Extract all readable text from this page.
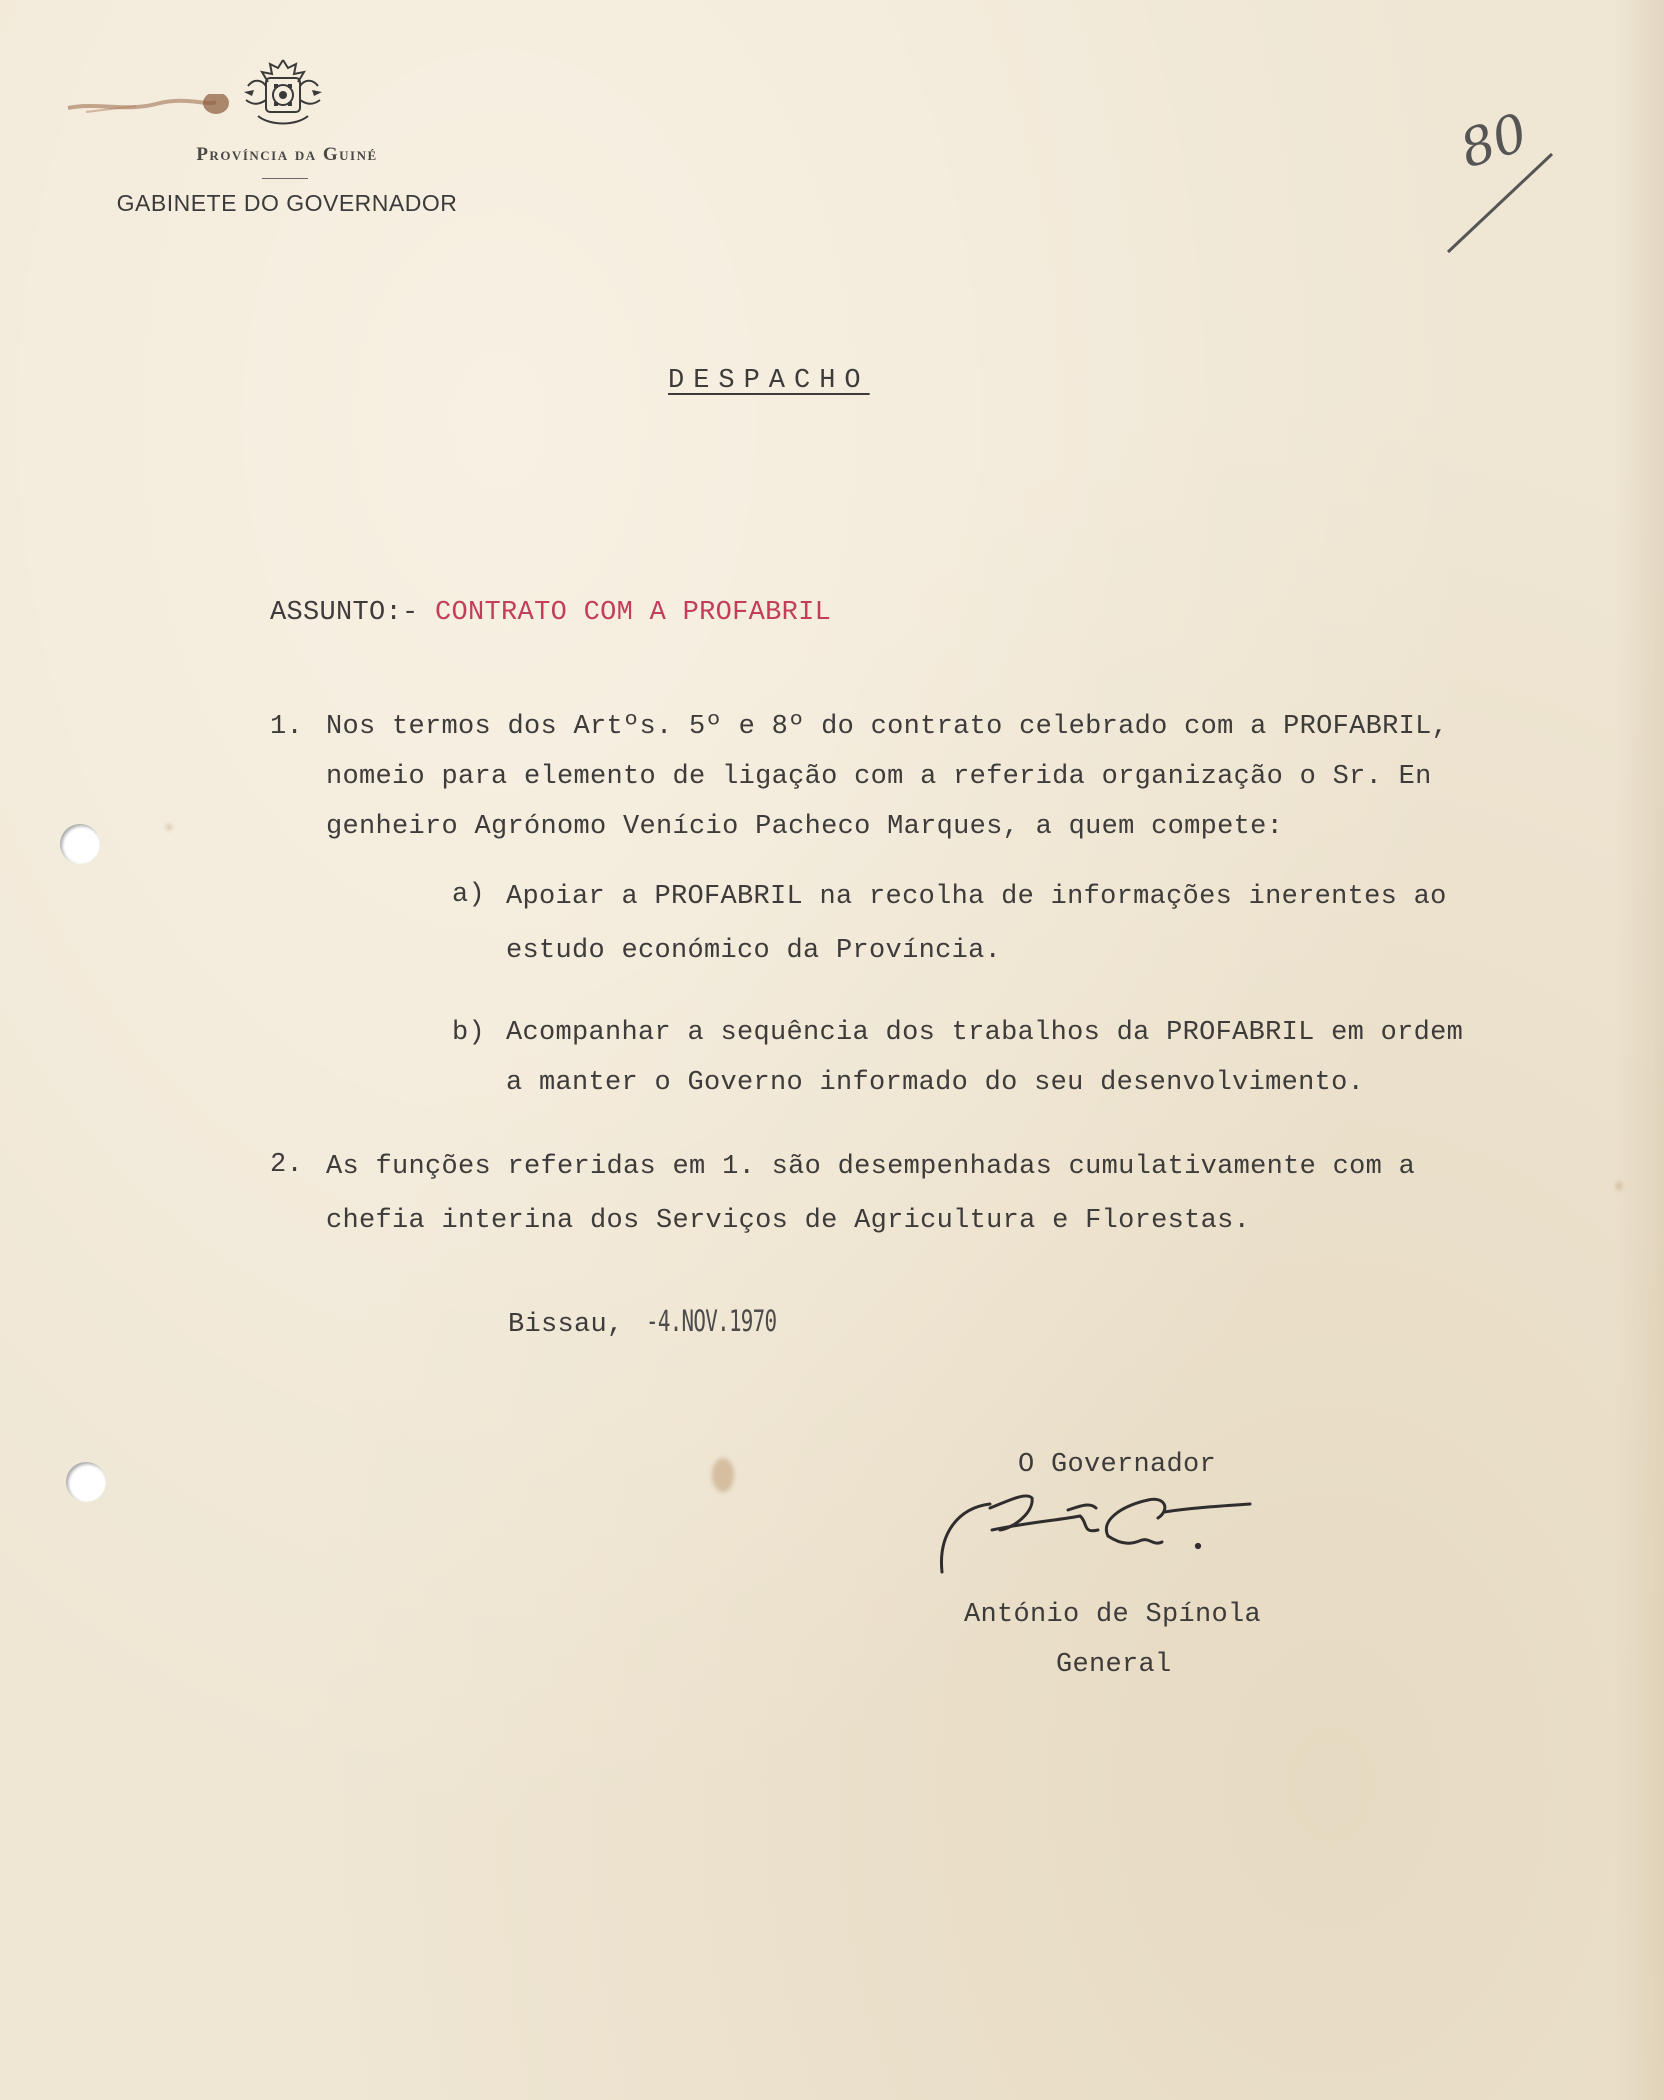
Província da Guiné
GABINETE DO GOVERNADOR
80
DESPACHO
ASSUNTO:- CONTRATO COM A PROFABRIL
1. Nos termos dos Artºs. 5º e 8º do contrato celebrado com a PROFABRIL,
nomeio para elemento de ligação com a referida organização o Sr. En
genheiro Agrónomo Venício Pacheco Marques, a quem compete:
a) Apoiar a PROFABRIL na recolha de informações inerentes ao
estudo económico da Província.
b) Acompanhar a sequência dos trabalhos da PROFABRIL em ordem
a manter o Governo informado do seu desenvolvimento.
2. As funções referidas em 1. são desempenhadas cumulativamente com a
chefia interina dos Serviços de Agricultura e Florestas.
Bissau, -4.NOV.1970
O Governador
António de Spínola
General
